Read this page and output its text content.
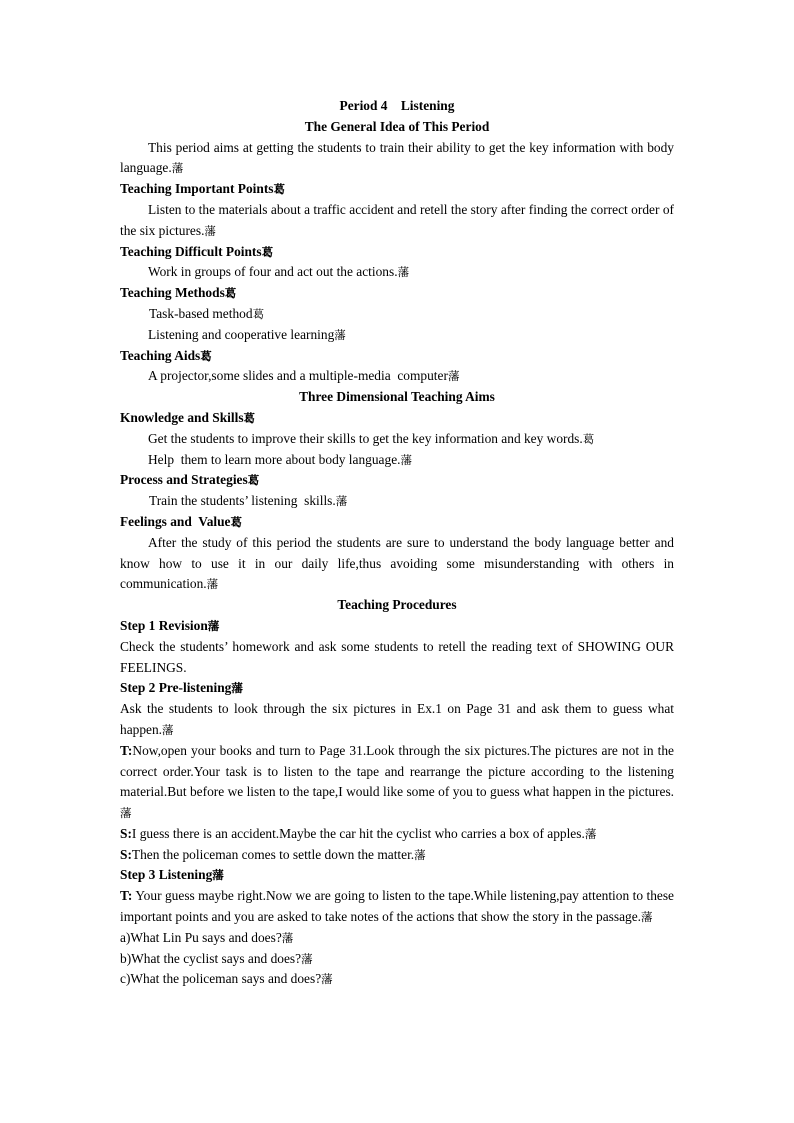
Period 4    Listening

The General Idea of This Period

This period aims at getting the students to train their ability to get the key information with body language.藩

Teaching Important Points葛

Listen to the materials about a traffic accident and retell the story after finding the correct order of the six pictures.藩

Teaching Difficult Points葛

Work in groups of four and act out the actions.藩

Teaching Methods葛

Task-based method葛

Listening and cooperative learning藩

Teaching Aids葛

A projector,some slides and a multiple-media  computer藩

Three Dimensional Teaching Aims

Knowledge and Skills葛

Get the students to improve their skills to get the key information and key words.葛

Help  them to learn more about body language.藩

Process and Strategies葛

Train the students’ listening  skills.藩

Feelings and  Value葛

After the study of this period the students are sure to understand the body language better and know how to use it in our daily life,thus avoiding some misunderstanding with others in communication.藩

Teaching Procedures

Step 1 Revision藩

Check the students’ homework and ask some students to retell the reading text of SHOWING OUR FEELINGS.

Step 2 Pre-listening藩

Ask the students to look through the six pictures in Ex.1 on Page 31 and ask them to guess what happen.藩

T:Now,open your books and turn to Page 31.Look through the six pictures.The pictures are not in the correct order.Your task is to listen to the tape and rearrange the picture according to the listening material.But before we listen to the tape,I would like some of you to guess what happen in the pictures.藩

S:I guess there is an accident.Maybe the car hit the cyclist who carries a box of apples.藩

S:Then the policeman comes to settle down the matter.藩

Step 3 Listening藩

T: Your guess maybe right.Now we are going to listen to the tape.While listening,pay attention to these important points and you are asked to take notes of the actions that show the story in the passage.藩

a)What Lin Pu says and does?藩

b)What the cyclist says and does?藩

c)What the policeman says and does?藩
